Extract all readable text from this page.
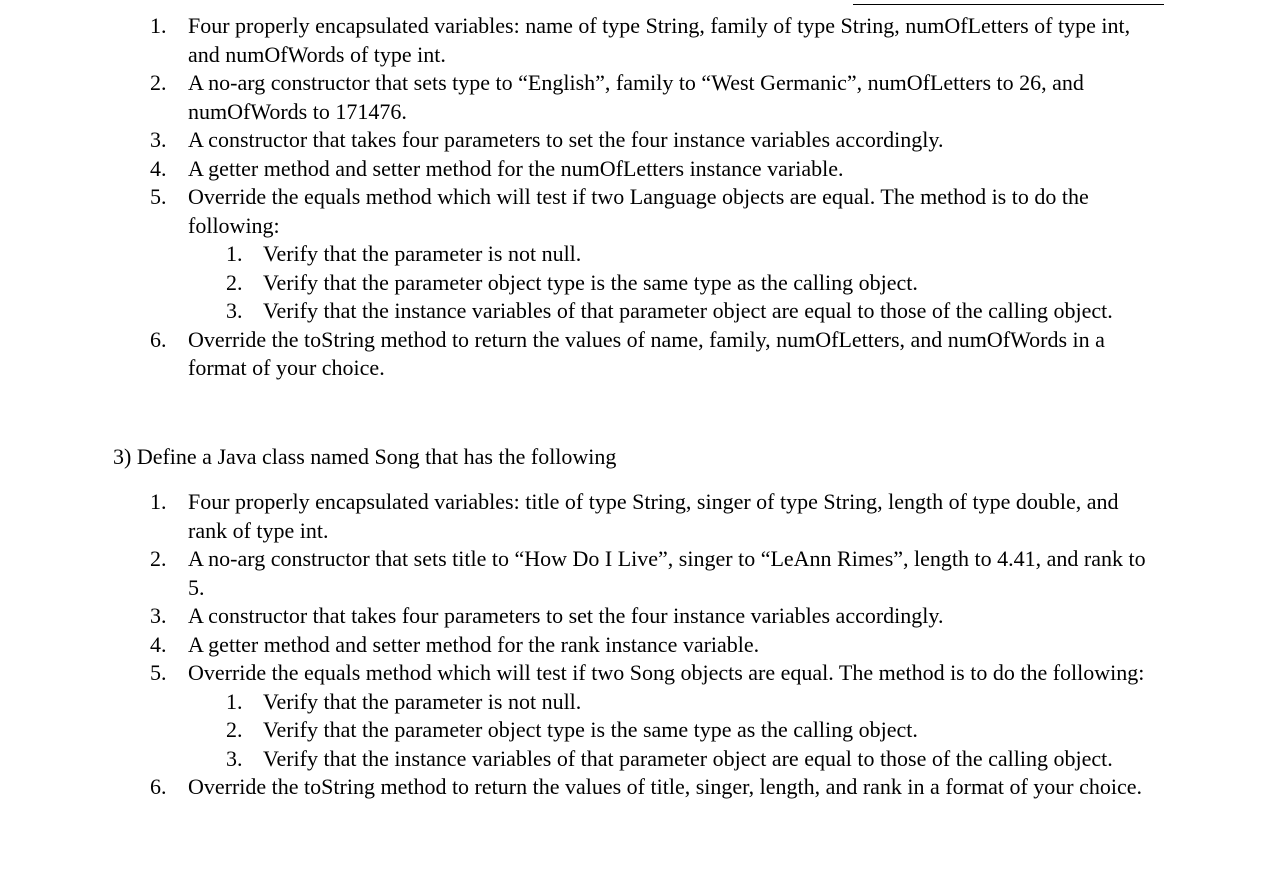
1. Four properly encapsulated variables: name of type String, family of type String, numOfLetters of type int, and numOfWords of type int.
2. A no-arg constructor that sets type to “English”, family to “West Germanic”, numOfLetters to 26, and numOfWords to 171476.
3. A constructor that takes four parameters to set the four instance variables accordingly.
4. A getter method and setter method for the numOfLetters instance variable.
5. Override the equals method which will test if two Language objects are equal. The method is to do the following:
1. Verify that the parameter is not null.
2. Verify that the parameter object type is the same type as the calling object.
3. Verify that the instance variables of that parameter object are equal to those of the calling object.
6. Override the toString method to return the values of name, family, numOfLetters, and numOfWords in a format of your choice.
3) Define a Java class named Song that has the following
1. Four properly encapsulated variables: title of type String, singer of type String, length of type double, and rank of type int.
2. A no-arg constructor that sets title to “How Do I Live”, singer to “LeAnn Rimes”, length to 4.41, and rank to 5.
3. A constructor that takes four parameters to set the four instance variables accordingly.
4. A getter method and setter method for the rank instance variable.
5. Override the equals method which will test if two Song objects are equal. The method is to do the following:
1. Verify that the parameter is not null.
2. Verify that the parameter object type is the same type as the calling object.
3. Verify that the instance variables of that parameter object are equal to those of the calling object.
6. Override the toString method to return the values of title, singer, length, and rank in a format of your choice.
